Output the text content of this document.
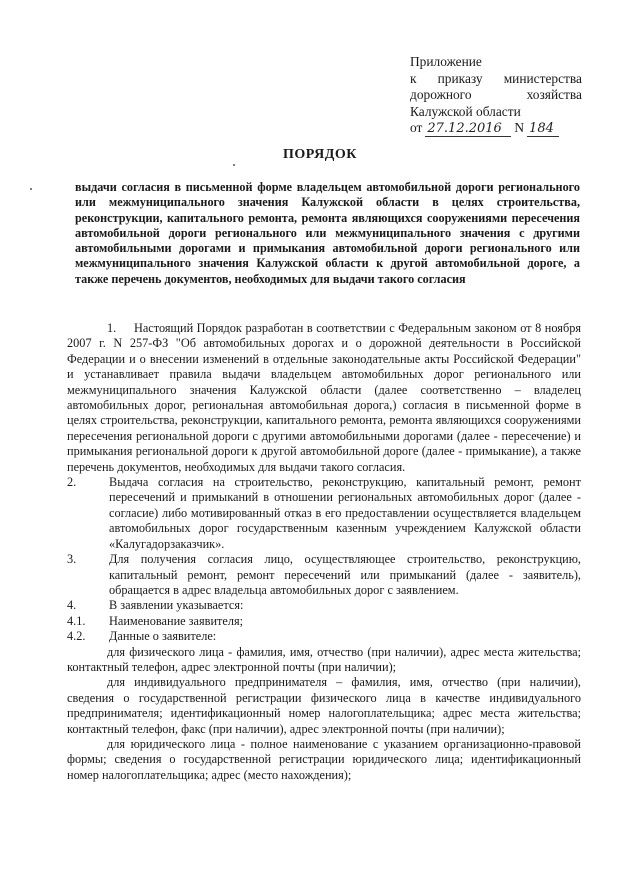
Приложение
к приказу министерства
дорожного хозяйства
Калужской области
от 27.12.2016 N 184
ПОРЯДОК
выдачи согласия в письменной форме владельцем автомобильной дороги регионального или межмуниципального значения Калужской области в целях строительства, реконструкции, капитального ремонта, ремонта являющихся сооружениями пересечения автомобильной дороги регионального или межмуниципального значения с другими автомобильными дорогами и примыкания автомобильной дороги регионального или межмуниципального значения Калужской области к другой автомобильной дороге, а также перечень документов, необходимых для выдачи такого согласия
1. Настоящий Порядок разработан в соответствии с Федеральным законом от 8 ноября 2007 г. N 257-ФЗ "Об автомобильных дорогах и о дорожной деятельности в Российской Федерации и о внесении изменений в отдельные законодательные акты Российской Федерации" и устанавливает правила выдачи владельцем автомобильных дорог регионального или межмуниципального значения Калужской области (далее соответственно – владелец автомобильных дорог, региональная автомобильная дорога,) согласия в письменной форме в целях строительства, реконструкции, капитального ремонта, ремонта являющихся сооружениями пересечения региональной дороги с другими автомобильными дорогами (далее - пересечение) и примыкания региональной дороги к другой автомобильной дороге (далее - примыкание), а также перечень документов, необходимых для выдачи такого согласия.
2.	Выдача согласия на строительство, реконструкцию, капитальный ремонт, ремонт пересечений и примыканий в отношении региональных автомобильных дорог (далее - согласие) либо мотивированный отказ в его предоставлении осуществляется владельцем автомобильных дорог государственным казенным учреждением Калужской области «Калугадорзаказчик».
3.	Для получения согласия лицо, осуществляющее строительство, реконструкцию, капитальный ремонт, ремонт пересечений или примыканий (далее - заявитель), обращается в адрес владельца автомобильных дорог с заявлением.
4.	В заявлении указывается:
4.1.	Наименование заявителя;
4.2.	Данные о заявителе:

для физического лица - фамилия, имя, отчество (при наличии), адрес места жительства; контактный телефон, адрес электронной почты (при наличии);

для индивидуального предпринимателя – фамилия, имя, отчество (при наличии), сведения о государственной регистрации физического лица в качестве индивидуального предпринимателя; идентификационный номер налогоплательщика; адрес места жительства; контактный телефон, факс (при наличии), адрес электронной почты (при наличии);

для юридического лица - полное наименование с указанием организационно-правовой формы; сведения о государственной регистрации юридического лица; идентификационный номер налогоплательщика; адрес (место нахождения);
